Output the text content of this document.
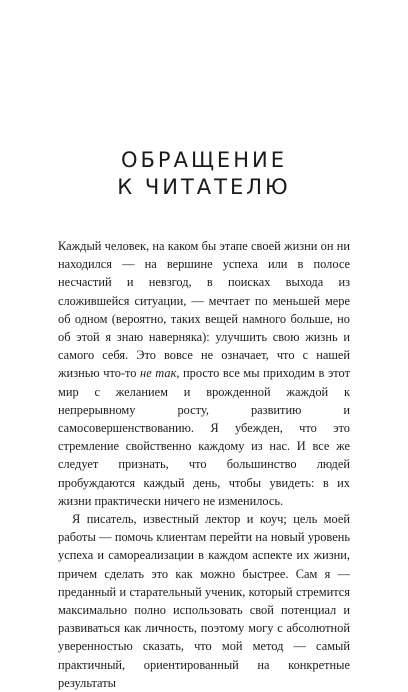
ОБРАЩЕНИЕ
К ЧИТАТЕЛЮ

Каждый человек, на каком бы этапе своей жизни он ни находился — на вершине успеха или в полосе несчастий и невзгод, в поисках выхода из сложившейся ситуации, — мечтает по меньшей мере об одном (вероятно, таких вещей намного больше, но об этой я знаю наверняка): улучшить свою жизнь и самого себя. Это вовсе не означает, что с нашей жизнью что-то не так, просто все мы приходим в этот мир с желанием и врожденной жаждой к непрерывному росту, развитию и самосовершенствованию. Я убежден, что это стремление свойственно каждому из нас. И все же следует признать, что большинство людей пробуждаются каждый день, чтобы увидеть: в их жизни практически ничего не изменилось.

Я писатель, известный лектор и коуч; цель моей работы — помочь клиентам перейти на новый уровень успеха и самореализации в каждом аспекте их жизни, причем сделать это как можно быстрее. Сам я — преданный и старательный ученик, который стремится максимально полно использовать свой потенциал и развиваться как личность, поэтому могу с абсолютной уверенностью сказать, что мой метод — самый практичный, ориентированный на конкретные результаты
